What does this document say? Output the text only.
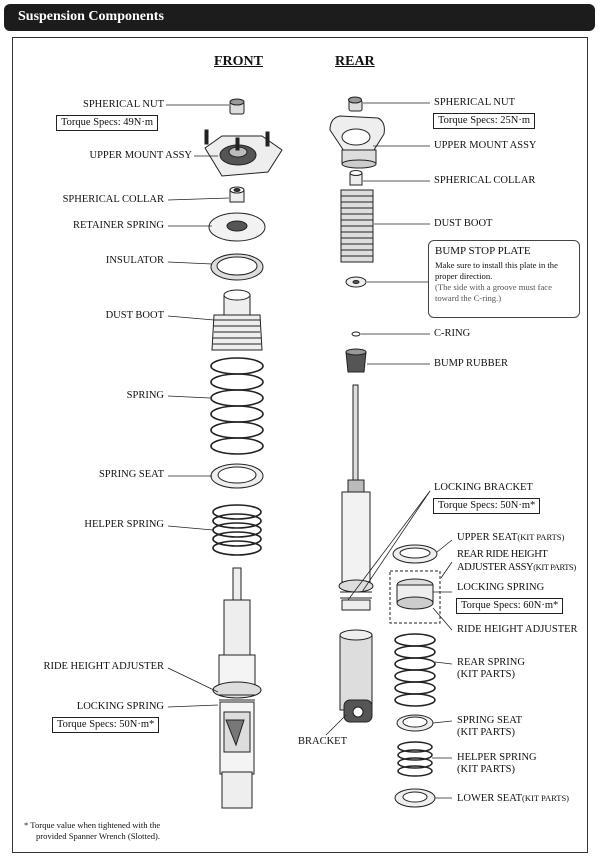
Suspension Components
FRONT	REAR
SPHERICAL NUT
Torque Specs: 49N·m
UPPER MOUNT ASSY
SPHERICAL COLLAR
RETAINER SPRING
INSULATOR
DUST BOOT
SPRING
SPRING SEAT
HELPER SPRING
RIDE HEIGHT ADJUSTER
LOCKING SPRING
Torque Specs: 50N·m*
SPHERICAL NUT
Torque Specs: 25N·m
UPPER MOUNT ASSY
SPHERICAL COLLAR
DUST BOOT
BUMP STOP PLATE
Make sure to install this plate in the proper direction.
(The side with a groove must face toward the C-ring.)
C-RING
BUMP RUBBER
LOCKING BRACKET
Torque Specs: 50N·m*
UPPER SEAT(KIT PARTS)
REAR RIDE HEIGHT
ADJUSTER ASSY(KIT PARTS)
LOCKING SPRING
Torque Specs: 60N·m*
RIDE HEIGHT ADJUSTER
REAR SPRING
(KIT PARTS)
SPRING SEAT
(KIT PARTS)
HELPER SPRING
(KIT PARTS)
LOWER SEAT(KIT PARTS)
BRACKET
* Torque value when tightened with the
provided Spanner Wrench (Slotted).
